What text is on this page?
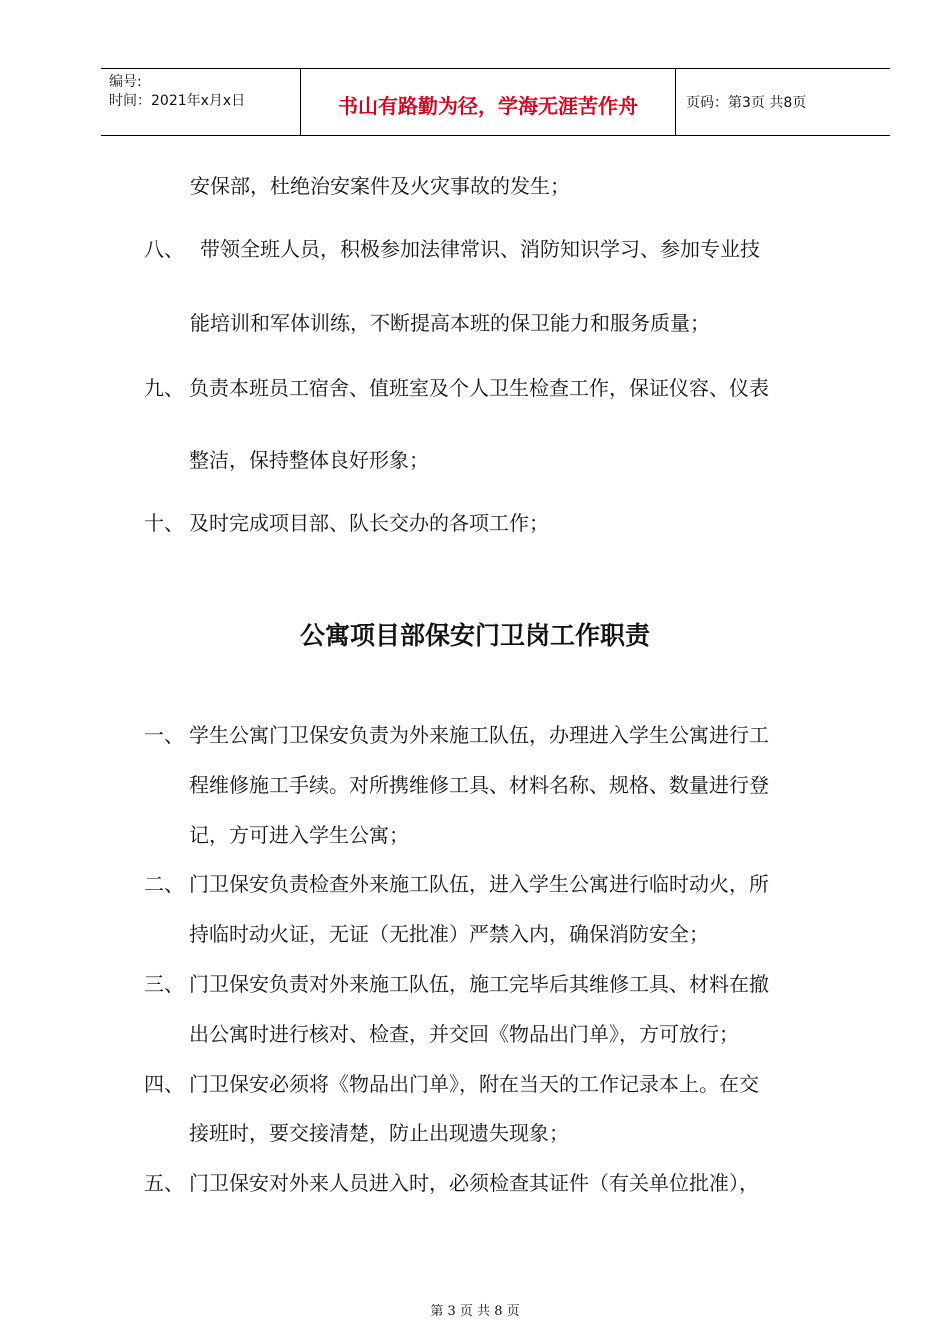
编号:
时间：2021年x月x日	书山有路勤为径，学海无涯苦作舟	页码：第3页 共8页
安保部，杜绝治安案件及火灾事故的发生；
八、 带领全班人员，积极参加法律常识、消防知识学习、参加专业技
能培训和军体训练，不断提高本班的保卫能力和服务质量；
九、 负责本班员工宿舍、值班室及个人卫生检查工作，保证仪容、仪表
整洁，保持整体良好形象；
十、 及时完成项目部、队长交办的各项工作；
公寓项目部保安门卫岗工作职责
一、 学生公寓门卫保安负责为外来施工队伍，办理进入学生公寓进行工
程维修施工手续。对所携维修工具、材料名称、规格、数量进行登
记，方可进入学生公寓；
二、 门卫保安负责检查外来施工队伍，进入学生公寓进行临时动火，所
持临时动火证，无证（无批准）严禁入内，确保消防安全；
三、 门卫保安负责对外来施工队伍，施工完毕后其维修工具、材料在撤
出公寓时进行核对、检查，并交回《物品出门单》，方可放行；
四、 门卫保安必须将《物品出门单》，附在当天的工作记录本上。在交
接班时，要交接清楚，防止出现遗失现象；
五、 门卫保安对外来人员进入时，必须检查其证件（有关单位批准），
第 3 页 共 8 页
